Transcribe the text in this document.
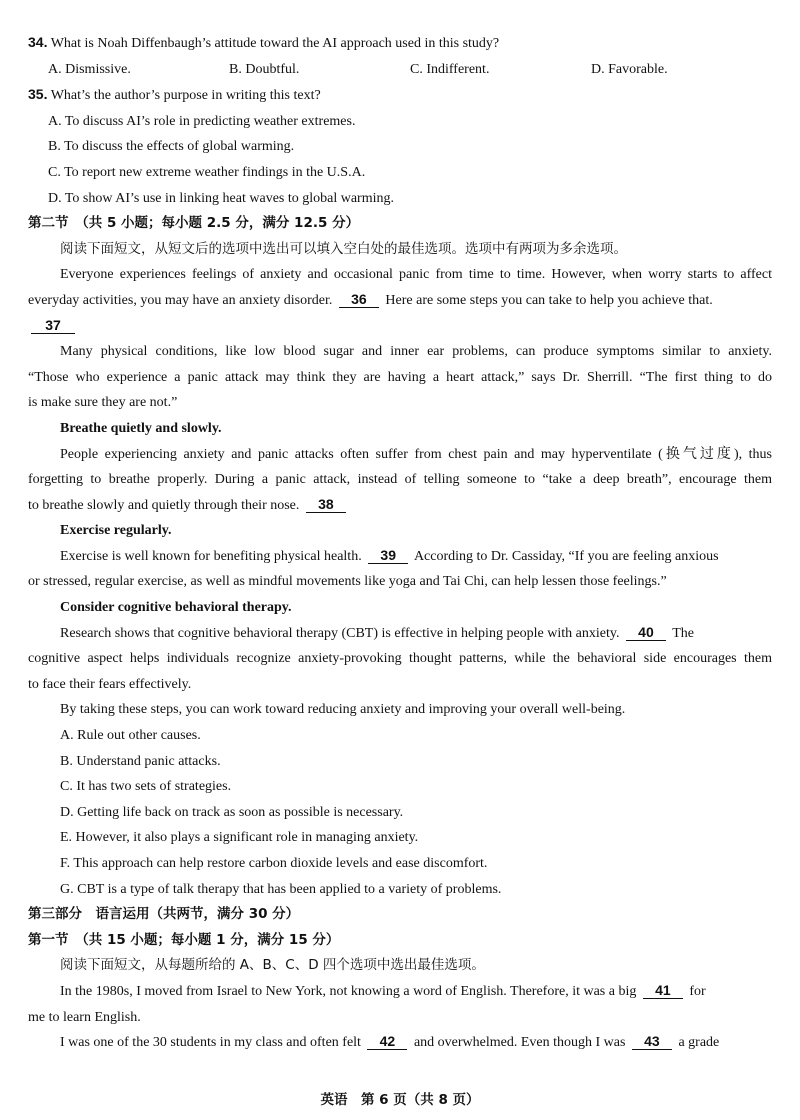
34. What is Noah Diffenbaugh’s attitude toward the AI approach used in this study?
A. Dismissive.	B. Doubtful.	C. Indifferent.	D. Favorable.
35. What’s the author’s purpose in writing this text?
A. To discuss AI’s role in predicting weather extremes.
B. To discuss the effects of global warming.
C. To report new extreme weather findings in the U.S.A.
D. To show AI’s use in linking heat waves to global warming.
第二节　（共 5 小题；每小题 2.5 分，满分 12.5 分）
阅读下面短文，从短文后的选项中选出可以填入空白处的最佳选项。选项中有两项为多余选项。
Everyone experiences feelings of anxiety and occasional panic from time to time. However, when worry starts to affect
everyday activities, you may have an anxiety disorder. 36 Here are some steps you can take to help you achieve that.
37
Many physical conditions, like low blood sugar and inner ear problems, can produce symptoms similar to anxiety.
“Those who experience a panic attack may think they are having a heart attack,” says Dr. Sherrill. “The first thing to do
is make sure they are not.”
Breathe quietly and slowly.
People experiencing anxiety and panic attacks often suffer from chest pain and may hyperventilate (换气过度), thus
forgetting to breathe properly. During a panic attack, instead of telling someone to “take a deep breath”, encourage them
to breathe slowly and quietly through their nose. 38
Exercise regularly.
Exercise is well known for benefiting physical health. 39 According to Dr. Cassiday, “If you are feeling anxious
or stressed, regular exercise, as well as mindful movements like yoga and Tai Chi, can help lessen those feelings.”
Consider cognitive behavioral therapy.
Research shows that cognitive behavioral therapy (CBT) is effective in helping people with anxiety. 40 The
cognitive aspect helps individuals recognize anxiety-provoking thought patterns, while the behavioral side encourages them
to face their fears effectively.
By taking these steps, you can work toward reducing anxiety and improving your overall well-being.
A. Rule out other causes.
B. Understand panic attacks.
C. It has two sets of strategies.
D. Getting life back on track as soon as possible is necessary.
E. However, it also plays a significant role in managing anxiety.
F. This approach can help restore carbon dioxide levels and ease discomfort.
G. CBT is a type of talk therapy that has been applied to a variety of problems.
第三部分　语言运用（共两节，满分 30 分）
第一节　（共 15 小题；每小题 1 分，满分 15 分）
阅读下面短文，从每题所给的 A、B、C、D 四个选项中选出最佳选项。
In the 1980s, I moved from Israel to New York, not knowing a word of English. Therefore, it was a big 41 for
me to learn English.
I was one of the 30 students in my class and often felt 42 and overwhelmed. Even though I was 43 a grade
英语　第 6 页（共 8 页）
